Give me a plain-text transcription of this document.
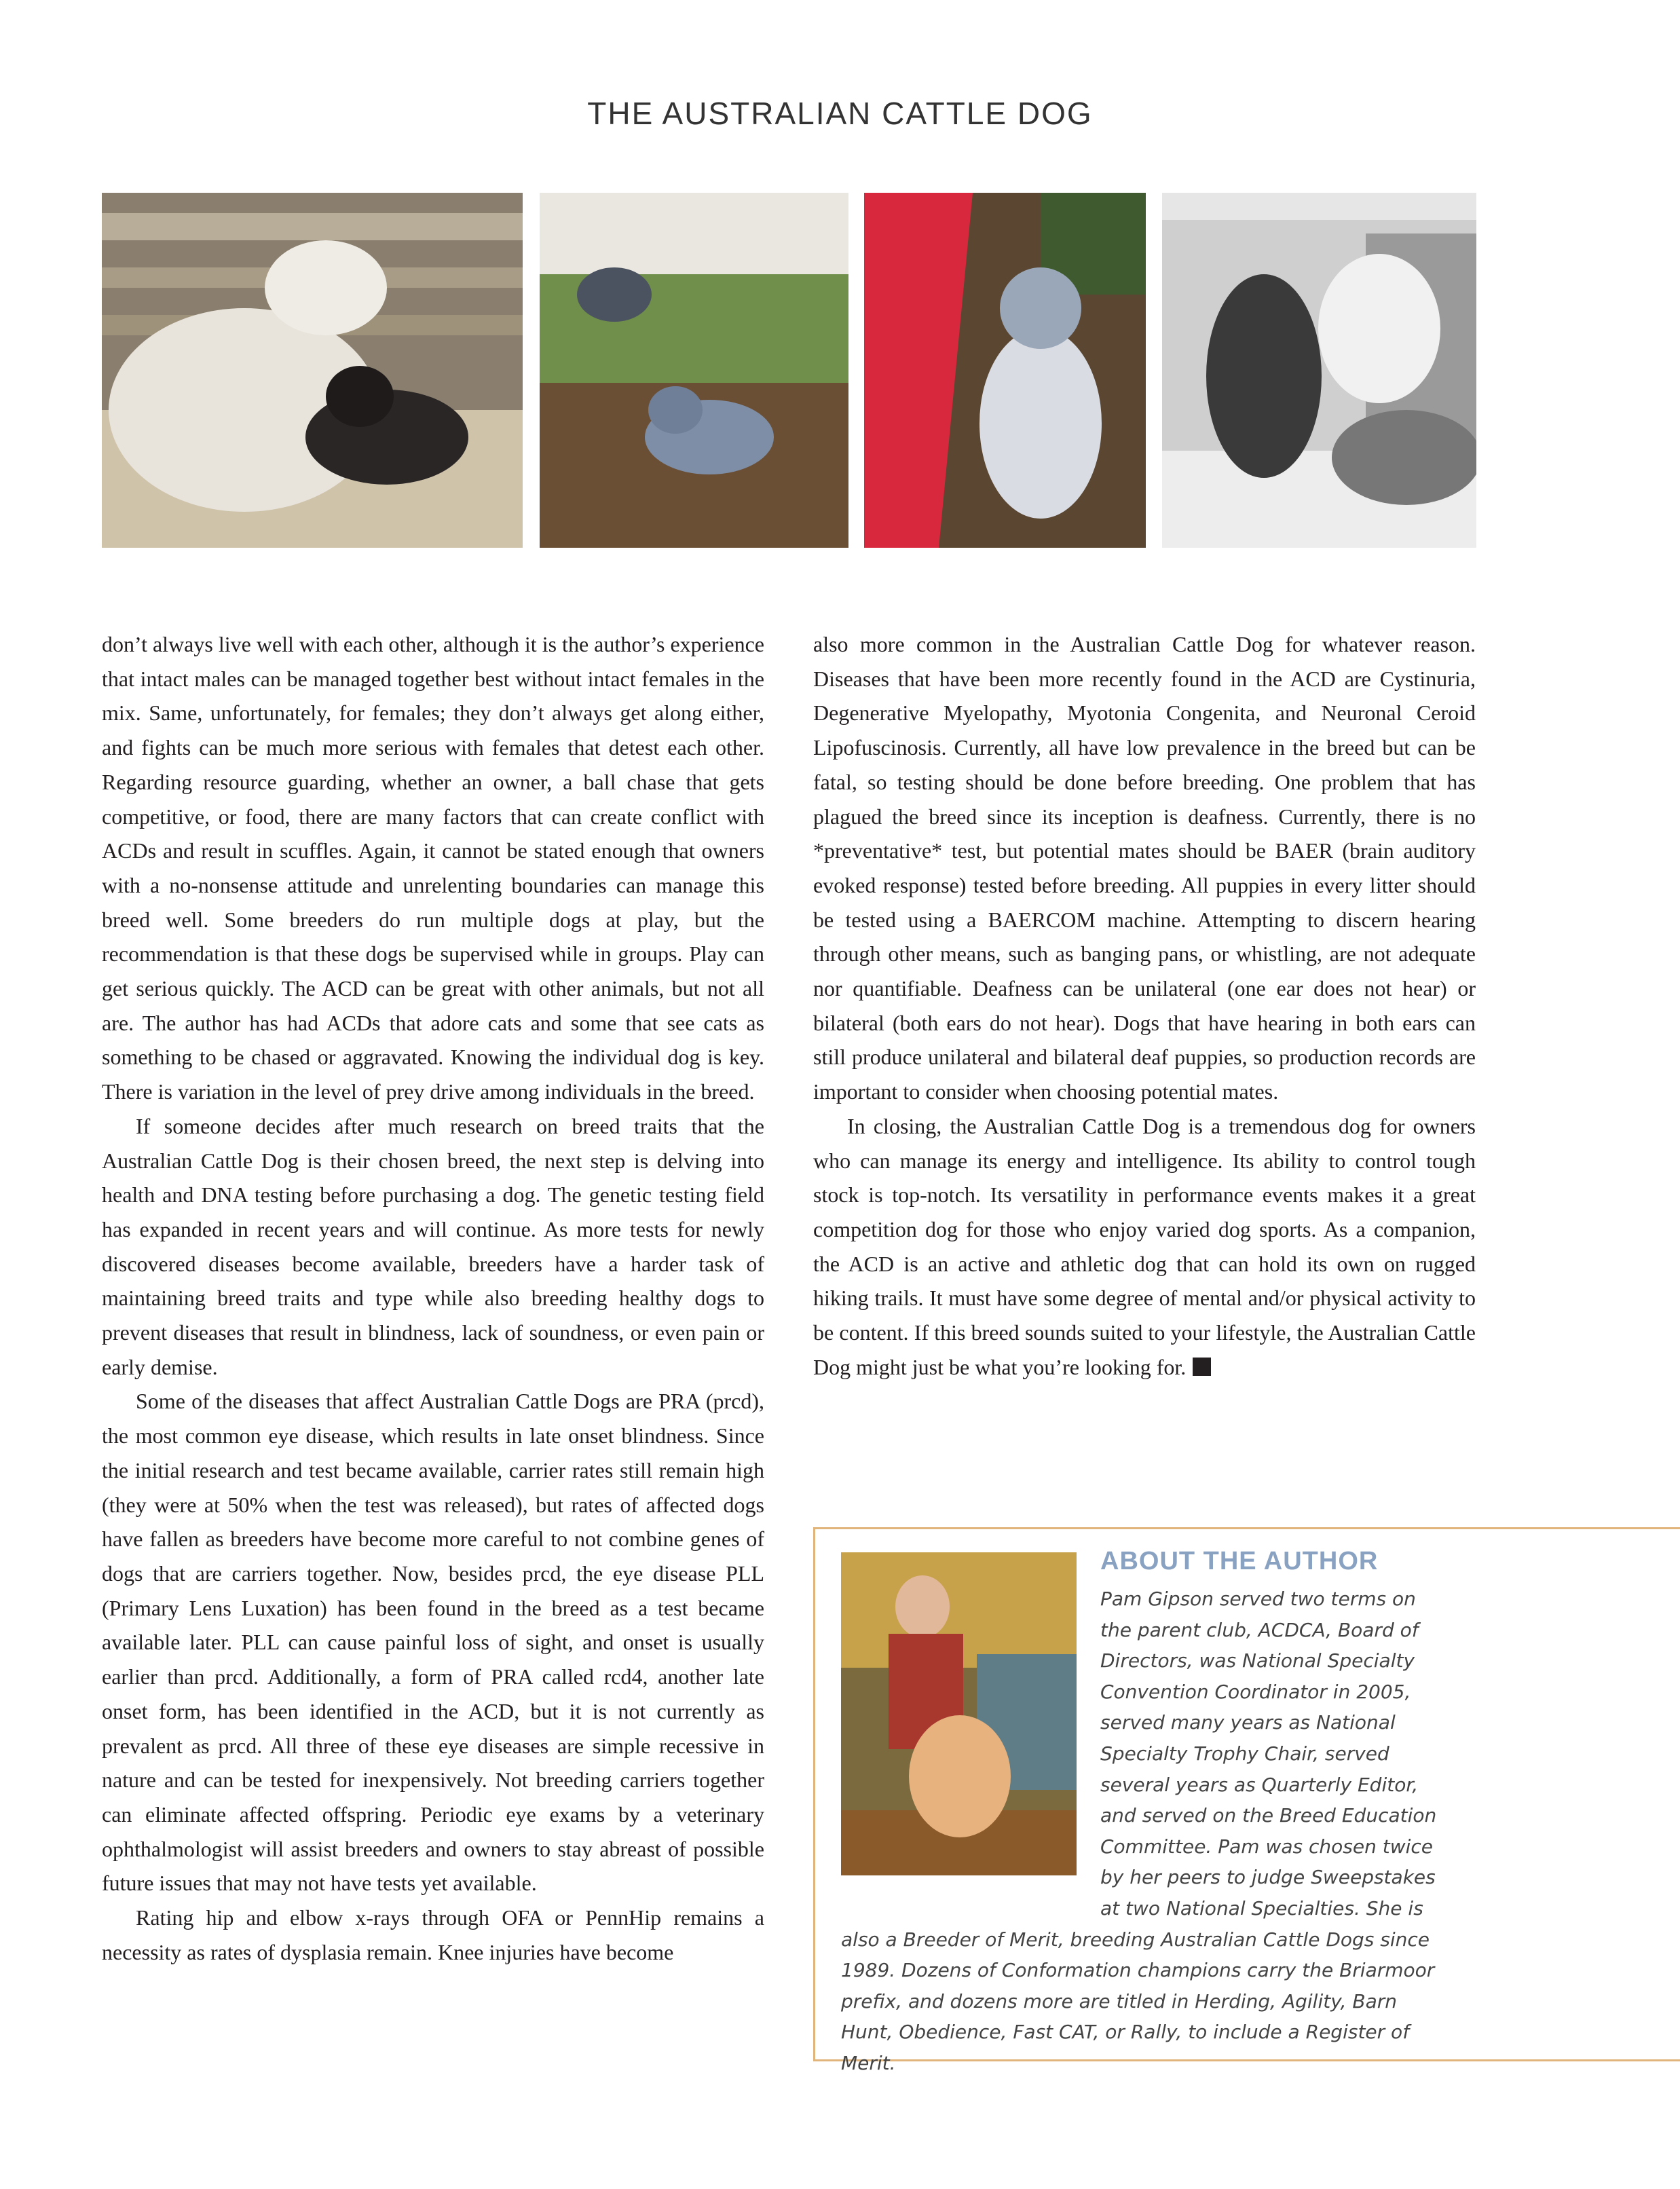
THE AUSTRALIAN CATTLE DOG

don’t always live well with each other, although it is the author’s experience that intact males can be managed together best without intact females in the mix. Same, unfortunately, for females; they don’t always get along either, and fights can be much more serious with females that detest each other. Regarding resource guarding, whether an owner, a ball chase that gets competitive, or food, there are many factors that can create conflict with ACDs and result in scuffles. Again, it cannot be stated enough that owners with a no-nonsense attitude and unrelenting boundaries can manage this breed well. Some breeders do run multiple dogs at play, but the recommendation is that these dogs be supervised while in groups. Play can get serious quickly. The ACD can be great with other animals, but not all are. The author has had ACDs that adore cats and some that see cats as something to be chased or aggravated. Knowing the individual dog is key. There is variation in the level of prey drive among individuals in the breed.

If someone decides after much research on breed traits that the Australian Cattle Dog is their chosen breed, the next step is delving into health and DNA testing before purchasing a dog. The genetic testing field has expanded in recent years and will continue. As more tests for newly discovered diseases become available, breeders have a harder task of maintaining breed traits and type while also breeding healthy dogs to prevent diseases that result in blindness, lack of soundness, or even pain or early demise.

Some of the diseases that affect Australian Cattle Dogs are PRA (prcd), the most common eye disease, which results in late onset blindness. Since the initial research and test became available, carrier rates still remain high (they were at 50% when the test was released), but rates of affected dogs have fallen as breeders have become more careful to not combine genes of dogs that are carriers together. Now, besides prcd, the eye disease PLL (Primary Lens Luxation) has been found in the breed as a test became available later. PLL can cause painful loss of sight, and onset is usually earlier than prcd. Additionally, a form of PRA called rcd4, another late onset form, has been identified in the ACD, but it is not currently as prevalent as prcd. All three of these eye diseases are simple recessive in nature and can be tested for inexpensively. Not breeding carriers together can eliminate affected offspring. Periodic eye exams by a veterinary ophthalmologist will assist breeders and owners to stay abreast of possible future issues that may not have tests yet available.

Rating hip and elbow x-rays through OFA or PennHip remains a necessity as rates of dysplasia remain. Knee injuries have become

also more common in the Australian Cattle Dog for whatever reason. Diseases that have been more recently found in the ACD are Cystinuria, Degenerative Myelopathy, Myotonia Congenita, and Neuronal Ceroid Lipofuscinosis. Currently, all have low prevalence in the breed but can be fatal, so testing should be done before breeding. One problem that has plagued the breed since its inception is deafness. Currently, there is no *preventative* test, but potential mates should be BAER (brain auditory evoked response) tested before breeding. All puppies in every litter should be tested using a BAERCOM machine. Attempting to discern hearing through other means, such as banging pans, or whistling, are not adequate nor quantifiable. Deafness can be unilateral (one ear does not hear) or bilateral (both ears do not hear). Dogs that have hearing in both ears can still produce unilateral and bilateral deaf puppies, so production records are important to consider when choosing potential mates.

In closing, the Australian Cattle Dog is a tremendous dog for owners who can manage its energy and intelligence. Its ability to control tough stock is top-notch. Its versatility in performance events makes it a great competition dog for those who enjoy varied dog sports. As a companion, the ACD is an active and athletic dog that can hold its own on rugged hiking trails. It must have some degree of mental and/or physical activity to be content. If this breed sounds suited to your lifestyle, the Australian Cattle Dog might just be what you’re looking for.

ABOUT THE AUTHOR
Pam Gipson served two terms on the parent club, ACDCA, Board of Directors, was National Specialty Convention Coordinator in 2005, served many years as National Specialty Trophy Chair, served several years as Quarterly Editor, and served on the Breed Education Committee. Pam was chosen twice by her peers to judge Sweepstakes at two National Specialties. She is also a Breeder of Merit, breeding Australian Cattle Dogs since 1989. Dozens of Conformation champions carry the Briarmoor prefix, and dozens more are titled in Herding, Agility, Barn Hunt, Obedience, Fast CAT, or Rally, to include a Register of Merit.
